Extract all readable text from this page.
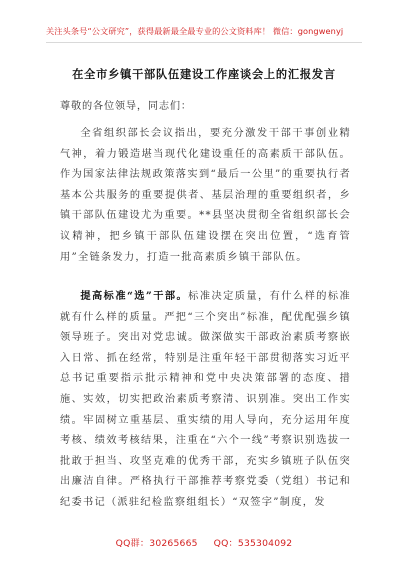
关注头条号“公文研究”，获得最新最全最专业的公文资料库！ 微信：gongwenyj
在全市乡镇干部队伍建设工作座谈会上的汇报发言
尊敬的各位领导，同志们：
全省组织部长会议指出，要充分激发干部干事创业精气神，着力锻造堪当现代化建设重任的高素质干部队伍。作为国家法律法规政策落实到“最后一公里”的重要执行者基本公共服务的重要提供者、基层治理的重要组织者，乡镇干部队伍建设尤为重要。**县坚决贯彻全省组织部长会议精神，把乡镇干部队伍建设摆在突出位置，“选育管用”全链条发力，打造一批高素质乡镇干部队伍。
提高标准“选”干部。标准决定质量，有什么样的标准就有什么样的质量。严把“三个突出”标准，配优配强乡镇领导班子。突出对党忠诚。做深做实干部政治素质考察嵌入日常、抓在经常，特别是注重年轻干部贯彻落实习近平总书记重要指示批示精神和党中央决策部署的态度、措施、实效，切实把政治素质考察清、识别准。突出工作实绩。牢固树立重基层、重实绩的用人导向，充分运用年度考核、绩效考核结果，注重在“六个一线”考察识别选拔一批敢于担当、攻坚克难的优秀干部，充实乡镇班子队伍突出廉洁自律。严格执行干部推荐考察党委（党组）书记和纪委书记（派驻纪检监察组组长）“双签字”制度，发
QQ群：30265665 QQ：535304092
